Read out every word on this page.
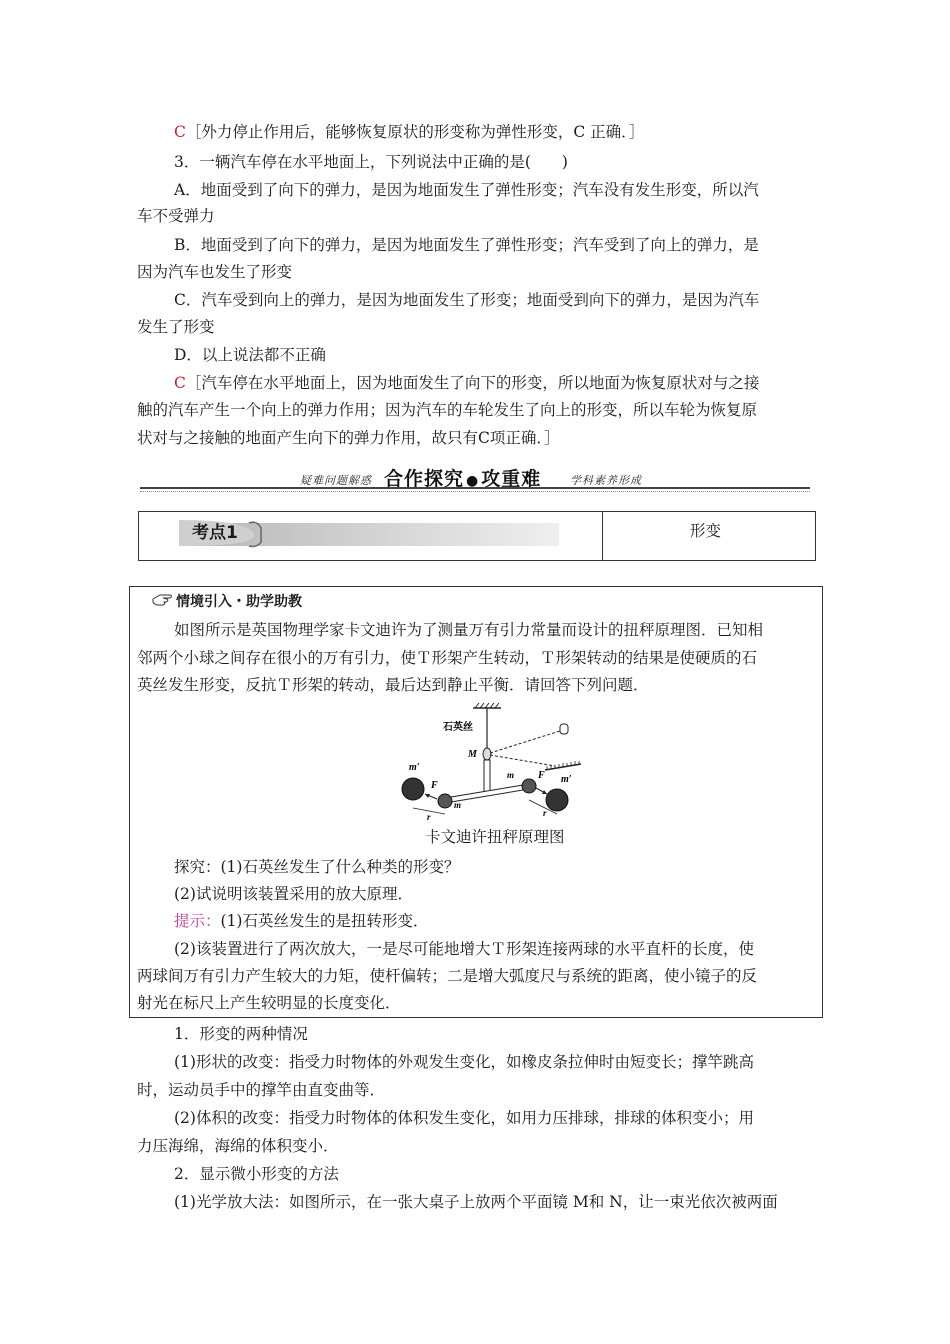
C［外力停止作用后，能够恢复原状的形变称为弹性形变，C 正确．］
3．一辆汽车停在水平地面上，下列说法中正确的是(　　)
A．地面受到了向下的弹力，是因为地面发生了弹性形变；汽车没有发生形变，所以汽
车不受弹力
B．地面受到了向下的弹力，是因为地面发生了弹性形变；汽车受到了向上的弹力，是
因为汽车也发生了形变
C．汽车受到向上的弹力，是因为地面发生了形变；地面受到向下的弹力，是因为汽车
发生了形变
D．以上说法都不正确
C［汽车停在水平地面上，因为地面发生了向下的形变，所以地面为恢复原状对与之接
触的汽车产生一个向上的弹力作用；因为汽车的车轮发生了向上的形变，所以车轮为恢复原
状对与之接触的地面产生向下的弹力作用，故只有C项正确．］
疑难问题解惑 合作探究 ● 攻重难	学科素养形成
考点1	形变
情境引入・助学助教
如图所示是英国物理学家卡文迪许为了测量万有引力常量而设计的扭秤原理图．已知相
邻两个小球之间存在很小的万有引力，使Ｔ形架产生转动，Ｔ形架转动的结果是使硬质的石
英丝发生形变，反抗Ｔ形架的转动，最后达到静止平衡．请回答下列问题．
m′
m′
F
F
m
m
r	r
石英丝
M
卡文迪许扭秤原理图
探究：(1)石英丝发生了什么种类的形变？
(2)试说明该装置采用的放大原理．
提示：(1)石英丝发生的是扭转形变．
(2)该装置进行了两次放大，一是尽可能地增大Ｔ形架连接两球的水平直杆的长度，使
两球间万有引力产生较大的力矩，使杆偏转；二是增大弧度尺与系统的距离，使小镜子的反
射光在标尺上产生较明显的长度变化．
1．形变的两种情况
(1)形状的改变：指受力时物体的外观发生变化，如橡皮条拉伸时由短变长；撑竿跳高
时，运动员手中的撑竿由直变曲等．
(2)体积的改变：指受力时物体的体积发生变化，如用力压排球，排球的体积变小；用
力压海绵，海绵的体积变小．
2．显示微小形变的方法
(1)光学放大法：如图所示，在一张大桌子上放两个平面镜 M和 N，让一束光依次被两面
